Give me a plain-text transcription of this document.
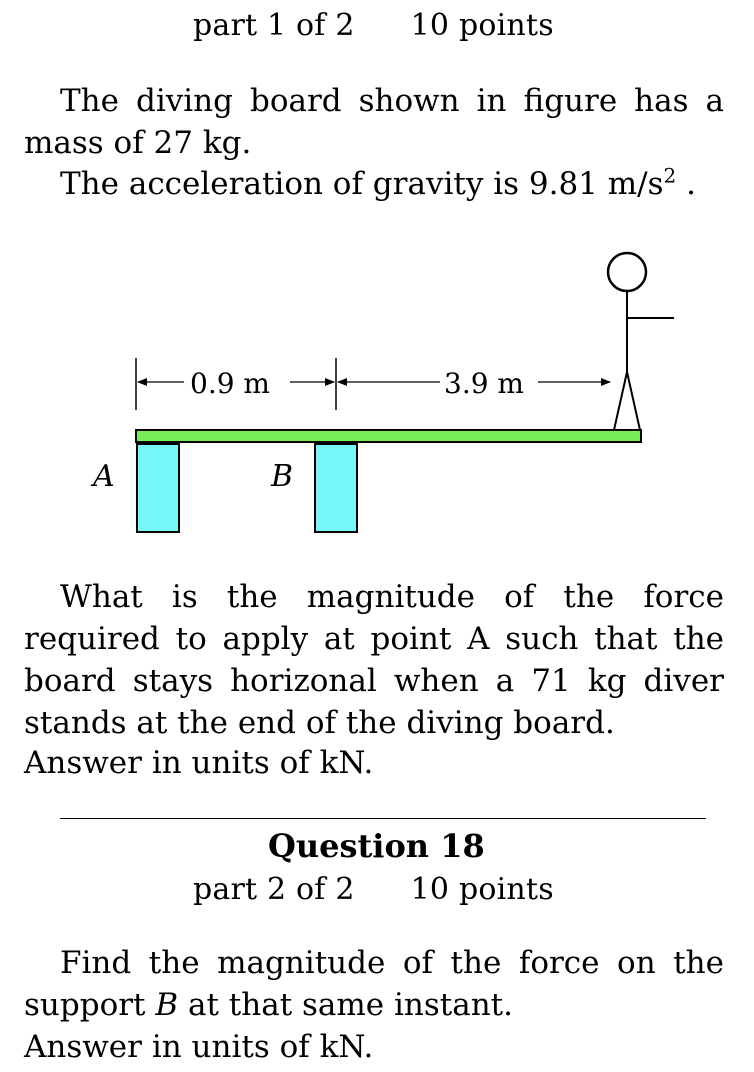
part 1 of 2 10 points
The diving board shown in figure has a mass of 27 kg.
The acceleration of gravity is 9.81 $m/s^2$ .
0.9 m	3.9 m
A	B
What is the magnitude of the force required to apply at point A such that the board stays horizonal when a 71 kg diver stands at the end of the diving board.
Answer in units of kN.
Question 18
part 2 of 2 10 points
Find the magnitude of the force on the support B at that same instant.
Answer in units of kN.
